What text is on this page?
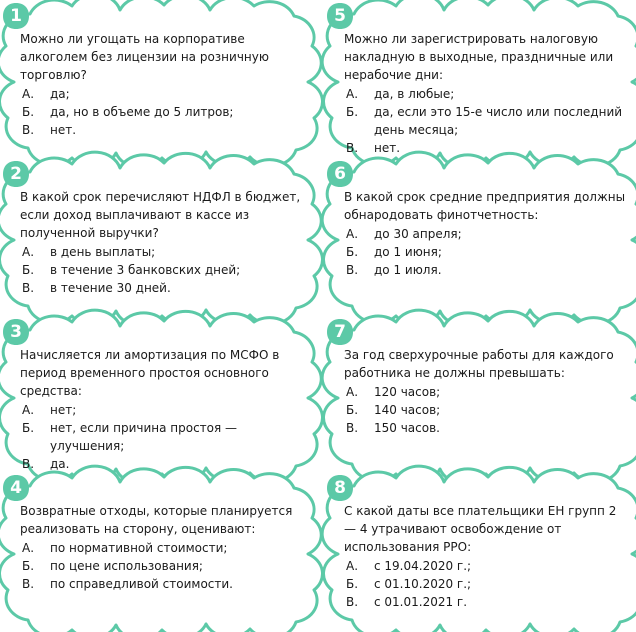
1
Можно ли угощать на корпоративе алкоголем без лицензии на розничную торговлю?
А.	да;
Б.	да, но в объеме до 5 литров;
В.	нет.
2
В какой срок перечисляют НДФЛ в бюджет, если доход выплачивают в кассе из полученной выручки?
А.	в день выплаты;
Б.	в течение 3 банковских дней;
В.	в течение 30 дней.
3
Начисляется ли амортизация по МСФО в период временного простоя основного средства:
А.	нет;
Б.	нет, если причина простоя — улучшения;
В.	да.
4
Возвратные отходы, которые планируется реализовать на сторону, оценивают:
А.	по нормативной стоимости;
Б.	по цене использования;
В.	по справедливой стоимости.
5
Можно ли зарегистрировать налоговую накладную в выходные, праздничные или нерабочие дни:
А.	да, в любые;
Б.	да, если это 15-е число или последний день месяца;
В.	нет.
6
В какой срок средние предприятия должны обнародовать финотчетность:
А.	до 30 апреля;
Б.	до 1 июня;
В.	до 1 июля.
7
За год сверхурочные работы для каждого работника не должны превышать:
А.	120 часов;
Б.	140 часов;
В.	150 часов.
8
С какой даты все плательщики ЕН групп 2 — 4 утрачивают освобождение от использования РРО:
А.	с 19.04.2020 г.;
Б.	с 01.10.2020 г.;
В.	с 01.01.2021 г.
